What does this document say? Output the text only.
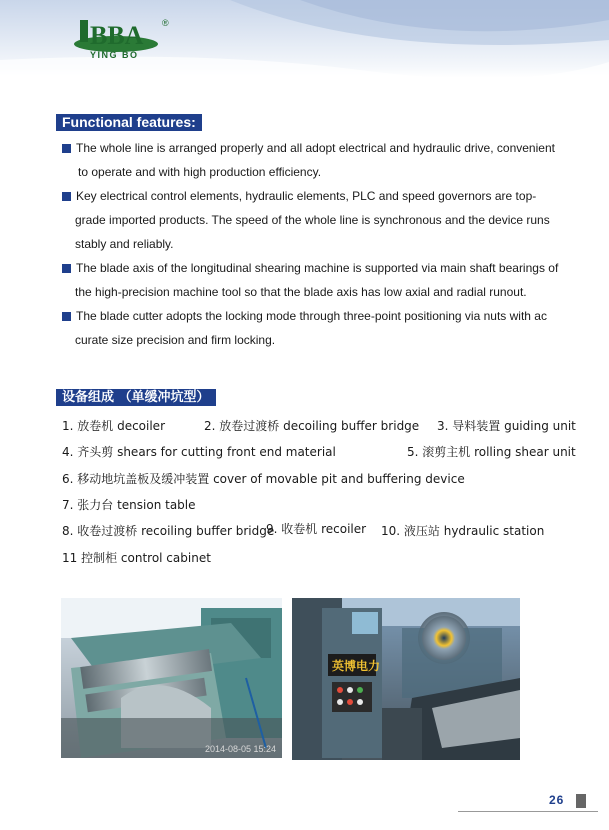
BBA ®
YING BO
Functional features:
The whole line is arranged properly and all adopt electrical and hydraulic drive, convenient
to operate and with high production efficiency.
Key electrical control elements, hydraulic elements, PLC and speed governors are top-
grade imported products. The speed of the whole line is synchronous and the device runs
stably and reliably.
The blade axis of the longitudinal shearing machine is supported via main shaft bearings of
the high-precision machine tool so that the blade axis has low axial and radial runout.
The blade cutter adopts the locking mode through three-point positioning via nuts with ac
curate size precision and firm locking.
设备组成 （单缓冲坑型）
1. 放卷机 decoiler	2. 放卷过渡桥 decoiling buffer bridge 3. 导料装置 guiding unit
4. 齐头剪 shears for cutting front end material	5. 滚剪主机 rolling shear unit
6. 移动地坑盖板及缓冲装置 cover of movable pit and buffering device
7. 张力台 tension table
8. 收卷过渡桥 recoiling buffer bridge
9. 收卷机 recoiler 10. 液压站 hydraulic station
11 控制柜 control cabinet
2014-08-05 15:24
英博电力
26
